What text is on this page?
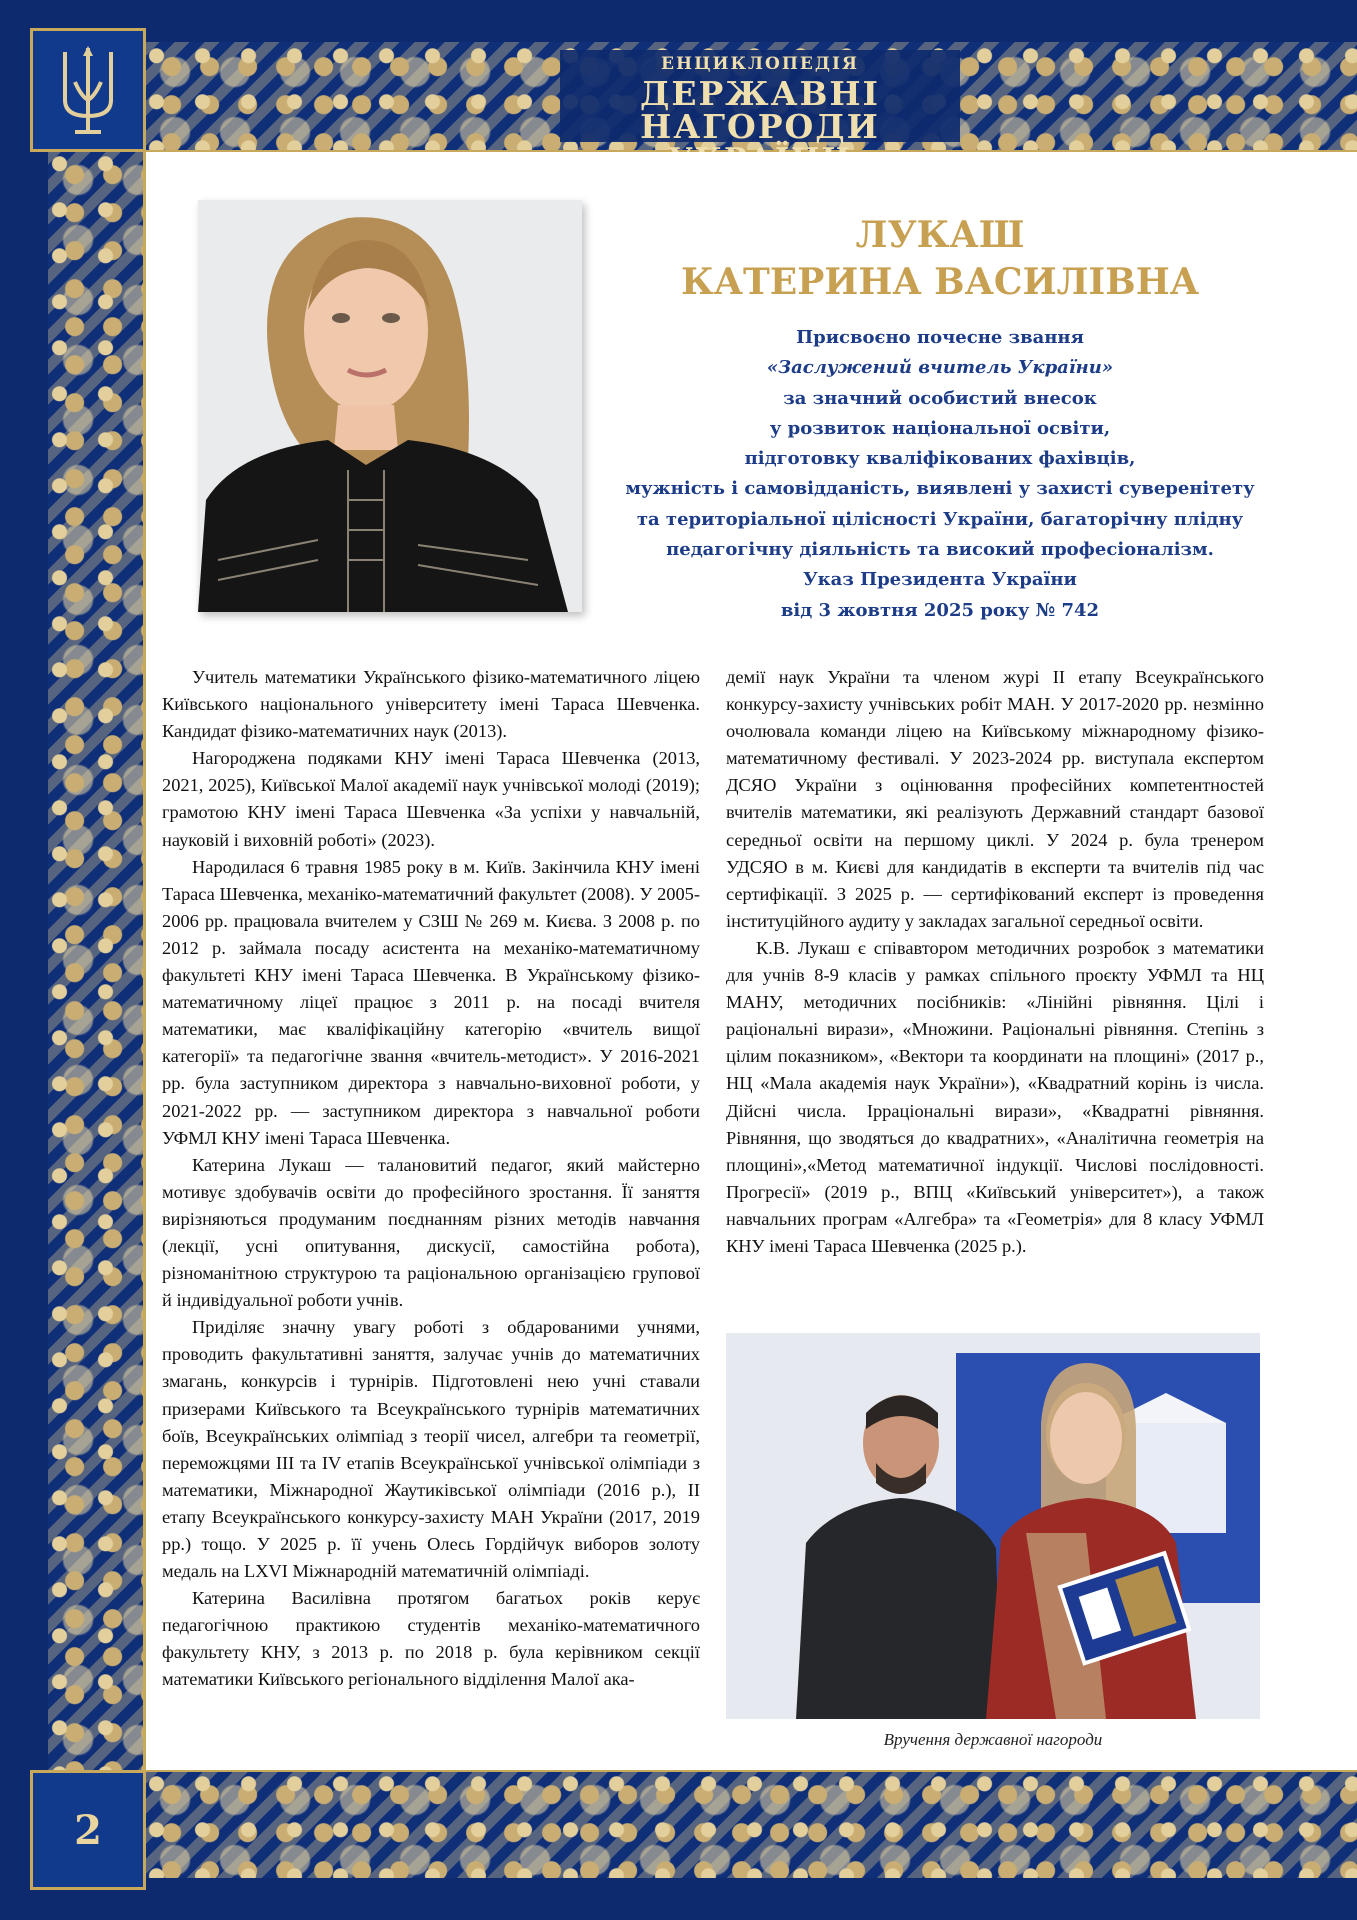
2
ЕНЦИКЛОПЕДІЯ
ДЕРЖАВНІ НАГОРОДИ
ЛУКАШ
КАТЕРИНА ВАСИЛІВНА
Присвоєно почесне звання
«Заслужений вчитель України»
за значний особистий внесок
у розвиток національної освіти,
підготовку кваліфікованих фахівців,
мужність і самовідданість, виявлені у захисті суверенітету
та територіальної цілісності України, багаторічну плідну
педагогічну діяльність та високий професіоналізм.
Указ Президента України
від 3 жовтня 2025 року № 742

Учитель математики Українського фізико-математичного ліцею Київського національного університету імені Тараса Шевченка. Кандидат фізико-математичних наук (2013).

Нагороджена подяками КНУ імені Тараса Шевченка (2013, 2021, 2025), Київської Малої академії наук учнівської молоді (2019); грамотою КНУ імені Тараса Шевченка «За успіхи у навчальній, науковій і виховній роботі» (2023).

Народилася 6 травня 1985 року в м. Київ. Закінчила КНУ імені Тараса Шевченка, механіко-математичний факультет (2008). У 2005-2006 рр. працювала вчителем у СЗШ № 269 м. Києва. З 2008 р. по 2012 р. займала посаду асистента на механіко-математичному факультеті КНУ імені Тараса Шевченка. В Українському фізико-математичному ліцеї працює з 2011 р. на посаді вчителя математики, має кваліфікаційну категорію «вчитель вищої категорії» та педагогічне звання «вчитель-методист». У 2016-2021 рр. була заступником директора з навчально-виховної роботи, у 2021-2022 рр. — заступником директора з навчальної роботи УФМЛ КНУ імені Тараса Шевченка.

Катерина Лукаш — талановитий педагог, який майстерно мотивує здобувачів освіти до професійного зростання. Її заняття вирізняються продуманим поєднанням різних методів навчання (лекції, усні опитування, дискусії, самостійна робота), різноманітною структурою та раціональною організацією групової й індивідуальної роботи учнів.

Приділяє значну увагу роботі з обдарованими учнями, проводить факультативні заняття, залучає учнів до математичних змагань, конкурсів і турнірів. Підготовлені нею учні ставали призерами Київського та Всеукраїнського турнірів математичних боїв, Всеукраїнських олімпіад з теорії чисел, алгебри та геометрії, переможцями III та IV етапів Всеукраїнської учнівської олімпіади з математики, Міжнародної Жаутиківської олімпіади (2016 р.), II етапу Всеукраїнського конкурсу-захисту МАН України (2017, 2019 рр.) тощо. У 2025 р. її учень Олесь Гордійчук виборов золоту медаль на LXVI Міжнародній математичній олімпіаді.

Катерина Василівна протягом багатьох років керує педагогічною практикою студентів механіко-математичного факультету КНУ, з 2013 р. по 2018 р. була керівником секції математики Київського регіонального відділення Малої ака-

демії наук України та членом журі II етапу Всеукраїнського конкурсу-захисту учнівських робіт МАН. У 2017-2020 рр. незмінно очолювала команди ліцею на Київському міжнародному фізико-математичному фестивалі. У 2023-2024 рр. виступала експертом ДСЯО України з оцінювання професійних компетентностей вчителів математики, які реалізують Державний стандарт базової середньої освіти на першому циклі. У 2024 р. була тренером УДСЯО в м. Києві для кандидатів в експерти та вчителів під час сертифікації. З 2025 р. — сертифікований експерт із проведення інституційного аудиту у закладах загальної середньої освіти.

К.В. Лукаш є співавтором методичних розробок з математики для учнів 8-9 класів у рамках спільного проєкту УФМЛ та НЦ МАНУ, методичних посібників: «Лінійні рівняння. Цілі і раціональні вирази», «Множини. Раціональні рівняння. Степінь з цілим показником», «Вектори та координати на площині» (2017 р., НЦ «Мала академія наук України»), «Квадратний корінь із числа. Дійсні числа. Ірраціональні вирази», «Квадратні рівняння. Рівняння, що зводяться до квадратних», «Аналітична геометрія на площині»,«Метод математичної індукції. Числові послідовності. Прогресії» (2019 р., ВПЦ «Київський університет»), а також навчальних програм «Алгебра» та «Геометрія» для 8 класу УФМЛ КНУ імені Тараса Шевченка (2025 р.).

Вручення державної нагороди
